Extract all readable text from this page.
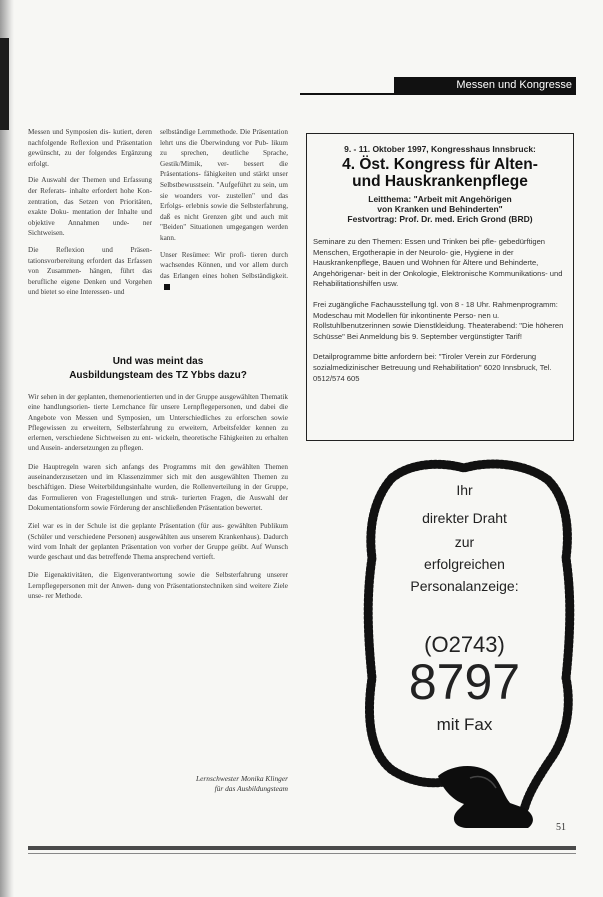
Messen und Kongresse

Messen und Symposien dis- kutiert, deren nachfolgende Reflexion und Präsentation gewünscht, zu der folgendes Ergänzung erfolgt.

Die Auswahl der Themen und Erfassung der Referats- inhalte erfordert hohe Kon- zentration, das Setzen von Prioritäten, exakte Doku- mentation der Inhalte und objektive Annahmen unde- ner Sichtweisen.

Die Reflexion und Präsen- tationsvorbereitung erfordert das Erfassen von Zusammen- hängen, führt das berufliche eigene Denken und Vorgehen und bietet so eine Interessen- und

selbständige Lernmethode. Die Präsentation lehrt uns die Überwindung vor Pub- likum zu sprechen, deutliche Sprache, Gestik/Mimik, ver- bessert die Präsentations- fähigkeiten und stärkt unser Selbstbewusstsein. "Aufgeführt zu sein, um sie woanders vor- zustellen" und das Erfolgs- erlebnis sowie die Selbsterfahrung, daß es nicht Grenzen gibt und auch mit "Beiden" Situationen umgegangen werden kann.

Unser Resümee: Wir profi- tieren durch wachsendes Können, und vor allem durch das Erlangen eines hohen Selbständigkeit.

Und was meint das
Ausbildungsteam des TZ Ybbs dazu?

Wir sehen in der geplanten, themenorientierten und in der Gruppe ausgewählten Thematik eine handlungsorien- tierte Lernchance für unsere Lernpflegepersonen, und dabei die Angebote von Messen und Symposien, um Unterschiedliches zu erforschen sowie Pflegewissen zu erweitern, Selbsterfahrung zu erweitern, Arbeitsfelder kennen zu erlernen, verschiedene Sichtweisen zu ent- wickeln, theoretische Fähigkeiten zu erhalten und Ausein- andersetzungen zu pflegen.

Die Hauptregeln waren sich anfangs des Programms mit den gewählten Themen auseinanderzusetzen und im Klassenzimmer sich mit den ausgewählten Themen zu beschäftigen. Diese Weiterbildungsinhalte wurden, die Rollenverteilung in der Gruppe, das Formulieren von Fragestellungen und struk- turierten Fragen, die Auswahl der Dokumentationsform sowie Förderung der anschließenden Präsentation bewertet.

Ziel war es in der Schule ist die geplante Präsentation (für aus- gewählten Publikum (Schüler und verschiedene Personen) ausgewählten aus unserem Krankenhaus). Dadurch wird vom Inhalt der geplanten Präsentation von vorher der Gruppe geübt. Auf Wunsch wurde geschaut und das betreffende Thema ansprechend vertieft.

Die Eigenaktivitäten, die Eigenverantwortung sowie die Selbsterfahrung unserer Lernpflegepersonen mit der Anwen- dung von Präsentationstechniken sind weitere Ziele unse- rer Methode.

Lernschwester Monika Klinger
für das Ausbildungsteam
9. - 11. Oktober 1997, Kongresshaus Innsbruck:
4. Öst. Kongress für Alten-
und Hauskrankenpflege
Leitthema: "Arbeit mit Angehörigen
von Kranken und Behinderten"
Festvortrag: Prof. Dr. med. Erich Grond (BRD)

Seminare zu den Themen: Essen und Trinken bei pfle- gebedürftigen Menschen, Ergotherapie in der Neurolo- gie, Hygiene in der Hauskrankenpflege, Bauen und Wohnen für Ältere und Behinderte, Angehörigenar- beit in der Onkologie, Elektronische Kommunikations- und Rehabilitationshilfen usw.

Frei zugängliche Fachausstellung tgl. von 8 - 18 Uhr. Rahmenprogramm: Modeschau mit Modellen für inkontinente Perso- nen u. Rollstuhlbenutzerinnen sowie Dienstkleidung. Theaterabend: "Die höheren Schüsse" Bei Anmeldung bis 9. September vergünstigter Tarif!

Detailprogramme bitte anfordern bei: "Tiroler Verein zur Förderung sozialmedizinischer Betreuung und Rehabilitation" 6020 Innsbruck, Tel. 0512/574 605

Ihr
direkter Draht
zur
erfolgreichen
Personalanzeige:
(O2743)
8797
mit Fax
51
